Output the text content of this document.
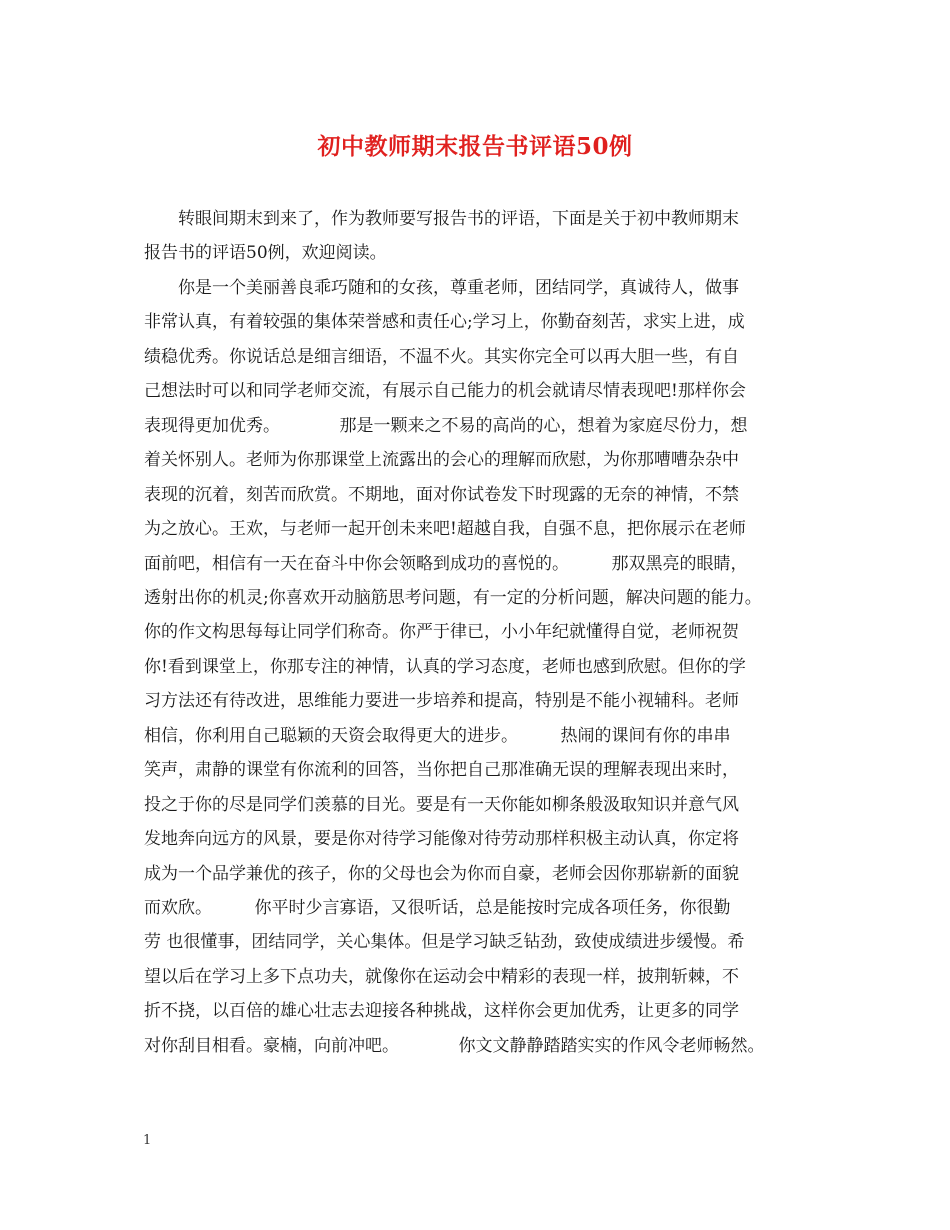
初中教师期末报告书评语50例
　　转眼间期末到来了，作为教师要写报告书的评语，下面是关于初中教师期末
报告书的评语50例，欢迎阅读。
　　你是一个美丽善良乖巧随和的女孩，尊重老师，团结同学，真诚待人，做事
非常认真，有着较强的集体荣誉感和责任心;学习上，你勤奋刻苦，求实上进，成
绩稳优秀。你说话总是细言细语，不温不火。其实你完全可以再大胆一些，有自
己想法时可以和同学老师交流，有展示自己能力的机会就请尽情表现吧!那样你会
表现得更加优秀。　　　　那是一颗来之不易的高尚的心，想着为家庭尽份力，想
着关怀别人。老师为你那课堂上流露出的会心的理解而欣慰，为你那嘈嘈杂杂中
表现的沉着，刻苦而欣赏。不期地，面对你试卷发下时现露的无奈的神情，不禁
为之放心。王欢，与老师一起开创未来吧!超越自我，自强不息，把你展示在老师
面前吧，相信有一天在奋斗中你会领略到成功的喜悦的。　　　那双黑亮的眼睛，
透射出你的机灵;你喜欢开动脑筋思考问题，有一定的分析问题，解决问题的能力。
你的作文构思每每让同学们称奇。你严于律已，小小年纪就懂得自觉，老师祝贺
你!看到课堂上，你那专注的神情，认真的学习态度，老师也感到欣慰。但你的学
习方法还有待改进，思维能力要进一步培养和提高，特别是不能小视辅科。老师
相信，你利用自己聪颖的天资会取得更大的进步。　　　热闹的课间有你的串串
笑声，肃静的课堂有你流利的回答，当你把自己那准确无误的理解表现出来时，
投之于你的尽是同学们羡慕的目光。要是有一天你能如柳条般汲取知识并意气风
发地奔向远方的风景，要是你对待学习能像对待劳动那样积极主动认真，你定将
成为一个品学兼优的孩子，你的父母也会为你而自豪，老师会因你那崭新的面貌
而欢欣。　　　你平时少言寡语，又很听话，总是能按时完成各项任务，你很勤
劳 也很懂事，团结同学，关心集体。但是学习缺乏钻劲，致使成绩进步缓慢。希
望以后在学习上多下点功夫，就像你在运动会中精彩的表现一样，披荆斩棘，不
折不挠，以百倍的雄心壮志去迎接各种挑战，这样你会更加优秀，让更多的同学
对你刮目相看。豪楠，向前冲吧。　　　　你文文静静踏踏实实的作风令老师畅然。
1
